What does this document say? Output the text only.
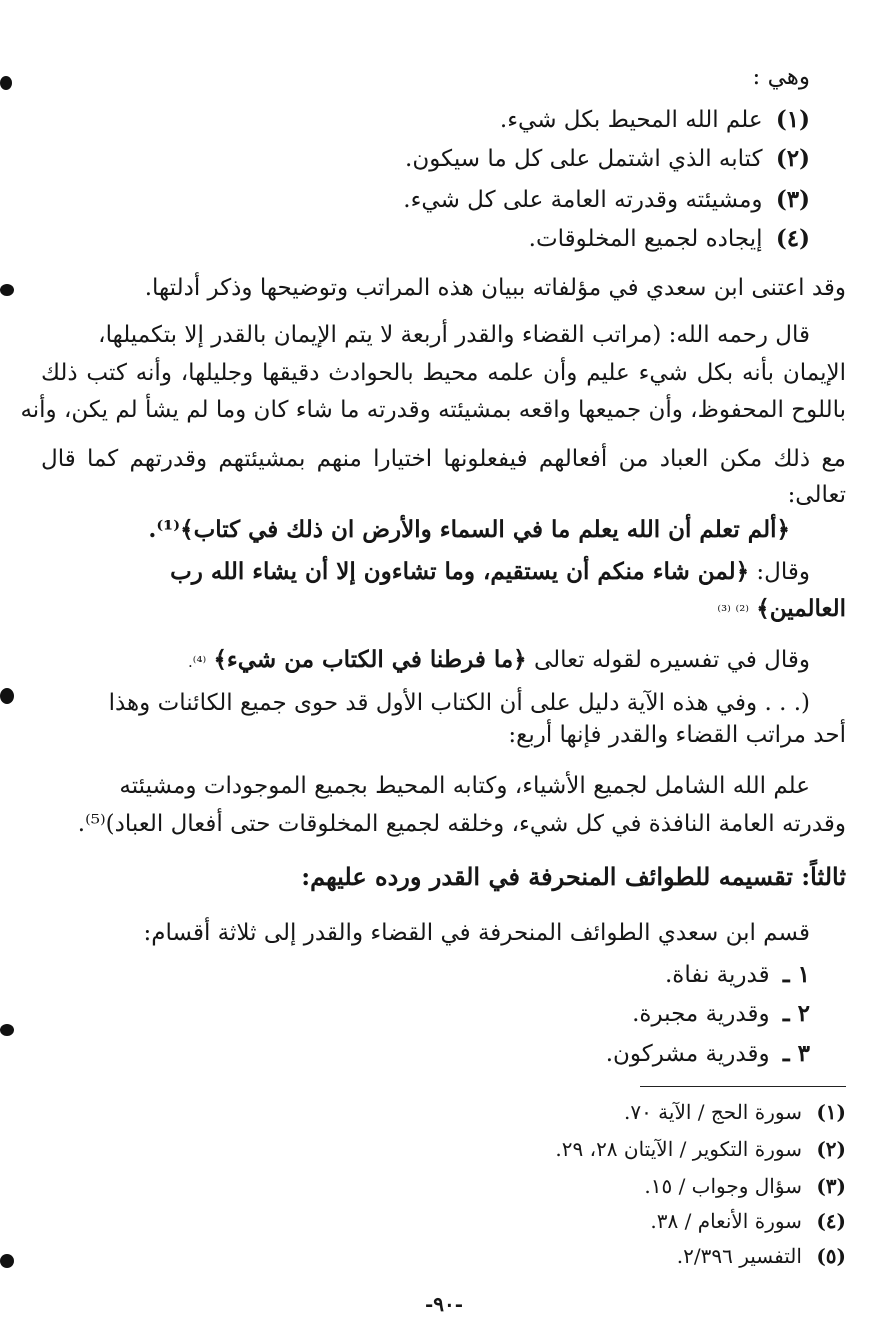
وهي :
(١) علم الله المحيط بكل شيء.
(٢) كتابه الذي اشتمل على كل ما سيكون.
(٣) ومشيئته وقدرته العامة على كل شيء.
(٤) إيجاده لجميع المخلوقات.
وقد اعتنى ابن سعدي في مؤلفاته ببيان هذه المراتب وتوضيحها وذكر أدلتها.
قال رحمه الله: (مراتب القضاء والقدر أربعة لا يتم الإيمان بالقدر إلا بتكميلها،
الإيمان بأنه بكل شيء عليم وأن علمه محيط بالحوادث دقيقها وجليلها، وأنه كتب ذلك
باللوح المحفوظ، وأن جميعها واقعه بمشيئته وقدرته ما شاء كان وما لم يشأ لم يكن، وأنه
مع ذلك مكن العباد من أفعالهم فيفعلونها اختيارا منهم بمشيئتهم وقدرتهم كما قال
تعالى:
﴿ألم تعلم أن الله يعلم ما في السماء والأرض ان ذلك في كتاب﴾⁽¹⁾.
وقال: ﴿لمن شاء منكم أن يستقيم، وما تشاءون إلا أن يشاء الله رب
العالمين﴾ ⁽²⁾ ⁽³⁾
وقال في تفسيره لقوله تعالى ﴿ما فرطنا في الكتاب من شيء﴾ ⁽⁴⁾.
(. . . وفي هذه الآية دليل على أن الكتاب الأول قد حوى جميع الكائنات وهذا
أحد مراتب القضاء والقدر فإنها أربع:
علم الله الشامل لجميع الأشياء، وكتابه المحيط بجميع الموجودات ومشيئته
وقدرته العامة النافذة في كل شيء، وخلقه لجميع المخلوقات حتى أفعال العباد)⁽⁵⁾.
ثالثاً: تقسيمه للطوائف المنحرفة في القدر ورده عليهم:
قسم ابن سعدي الطوائف المنحرفة في القضاء والقدر إلى ثلاثة أقسام:
١ ـ قدرية نفاة.
٢ ـ وقدرية مجبرة.
٣ ـ وقدرية مشركون.
(١) سورة الحج / الآية ٧٠.
(٢) سورة التكوير / الآيتان ٢٨، ٢٩.
(٣) سؤال وجواب / ١٥.
(٤) سورة الأنعام / ٣٨.
(٥) التفسير ٢/٣٩٦.
-٩٠-
